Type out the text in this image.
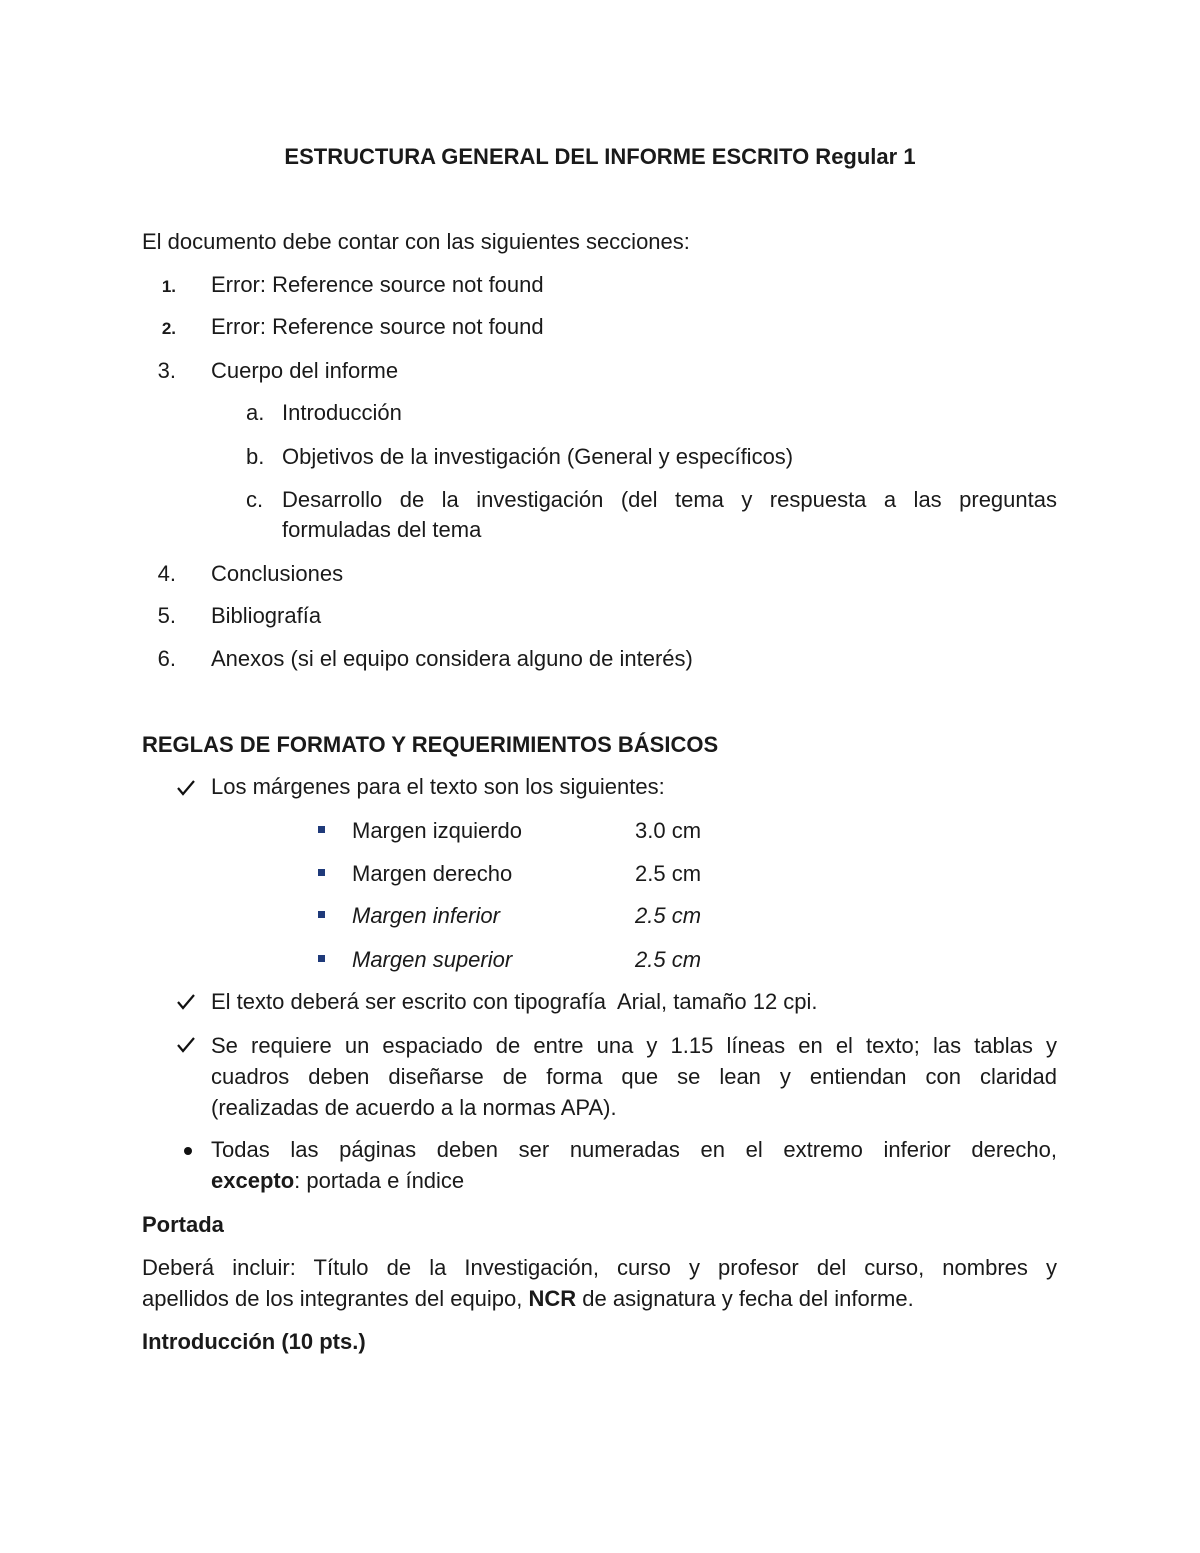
ESTRUCTURA GENERAL DEL INFORME ESCRITO Regular 1
El documento debe contar con las siguientes secciones:
1. Error: Reference source not found
2. Error: Reference source not found
3. Cuerpo del informe
a. Introducción
b. Objetivos de la investigación (General y específicos)
c. Desarrollo de la investigación (del tema y respuesta a las preguntas
formuladas del tema
4. Conclusiones
5. Bibliografía
6. Anexos (si el equipo considera alguno de interés)
REGLAS DE FORMATO Y REQUERIMIENTOS BÁSICOS
Los márgenes para el texto son los siguientes:
Margen izquierdo	3.0 cm
Margen derecho	2.5 cm
Margen inferior	2.5 cm
Margen superior	2.5 cm
El texto deberá ser escrito con tipografía  Arial, tamaño 12 cpi.
Se requiere un espaciado de entre una y 1.15 líneas en el texto; las tablas y
cuadros deben diseñarse de forma que se lean y entiendan con claridad
(realizadas de acuerdo a la normas APA).
Todas las páginas deben ser numeradas en el extremo inferior derecho,
excepto: portada e índice
Portada
Deberá incluir: Título de la Investigación, curso y profesor del curso, nombres y
apellidos de los integrantes del equipo, NCR de asignatura y fecha del informe.
Introducción (10 pts.)
